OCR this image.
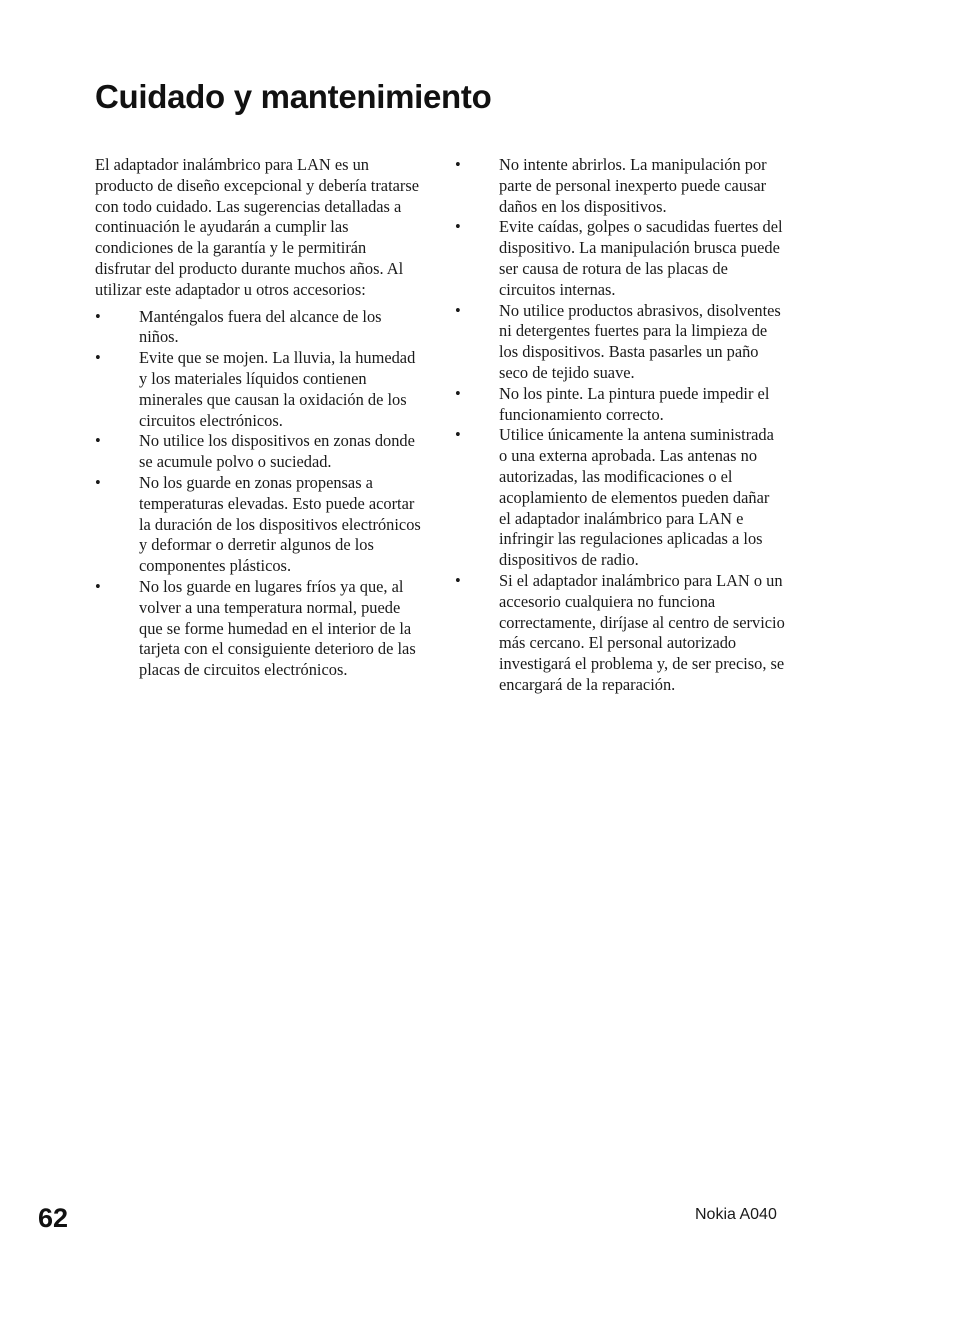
Cuidado y mantenimiento

El adaptador inalámbrico para LAN es un producto de diseño excepcional y debería tratarse con todo cuidado. Las sugerencias detalladas a continuación le ayudarán a cumplir las condiciones de la garantía y le permitirán disfrutar del producto durante muchos años. Al utilizar este adaptador u otros accesorios:

•	Manténgalos fuera del alcance de los niños.
•	Evite que se mojen. La lluvia, la humedad y los materiales líquidos contienen minerales que causan la oxidación de los circuitos electrónicos.
•	No utilice los dispositivos en zonas donde se acumule polvo o suciedad.
•	No los guarde en zonas propensas a temperaturas elevadas. Esto puede acortar la duración de los dispositivos electrónicos y deformar o derretir algunos de los componentes plásticos.
•	No los guarde en lugares fríos ya que, al volver a una temperatura normal, puede que se forme humedad en el interior de la tarjeta con el consiguiente deterioro de las placas de circuitos electrónicos.
•	No intente abrirlos. La manipulación por parte de personal inexperto puede causar daños en los dispositivos.
•	Evite caídas, golpes o sacudidas fuertes del dispositivo. La manipulación brusca puede ser causa de rotura de las placas de circuitos internas.
•	No utilice productos abrasivos, disolventes ni detergentes fuertes para la limpieza de los dispositivos. Basta pasarles un paño seco de tejido suave.
•	No los pinte. La pintura puede impedir el funcionamiento correcto.
•	Utilice únicamente la antena suministrada o una externa aprobada. Las antenas no autorizadas, las modificaciones o el acoplamiento de elementos pueden dañar el adaptador inalámbrico para LAN e infringir las regulaciones aplicadas a los dispositivos de radio.
•	Si el adaptador inalámbrico para LAN o un accesorio cualquiera no funciona correctamente, diríjase al centro de servicio más cercano. El personal autorizado investigará el problema y, de ser preciso, se encargará de la reparación.
62	Nokia A040
